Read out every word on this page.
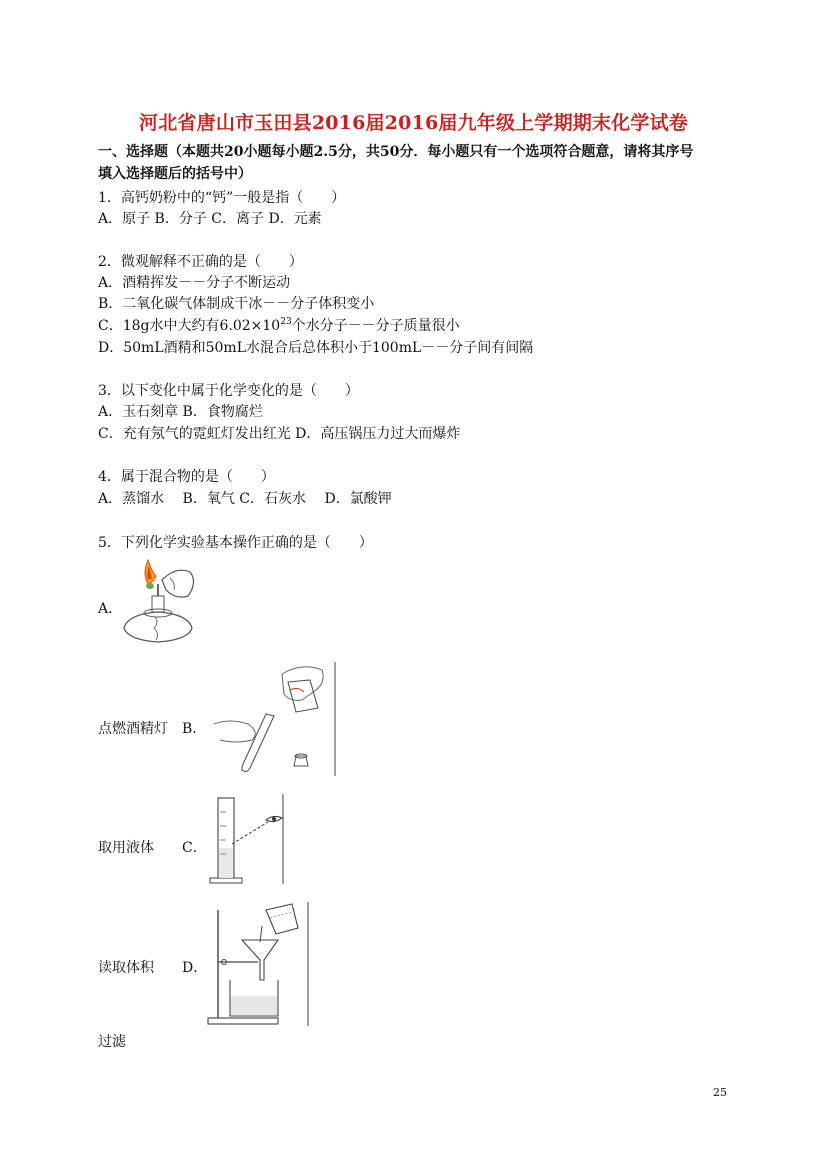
河北省唐山市玉田县2016届2016届九年级上学期期末化学试卷
一、选择题（本题共20小题每小题2.5分，共50分．每小题只有一个选项符合题意，请将其序号
填入选择题后的括号中）
1．高钙奶粉中的“钙”一般是指（　　）
A．原子 B．分子 C．离子 D．元素
2．微观解释不正确的是（　　）
A．酒精挥发－－分子不断运动
B．二氧化碳气体制成干冰－－分子体积变小
C．18g水中大约有$6.02\times 10^{23}$个水分子－－分子质量很小
D．50mL酒精和50mL水混合后总体积小于100mL－－分子间有间隔
3．以下变化中属于化学变化的是（　　）
A．玉石刻章 B．食物腐烂
C．充有氖气的霓虹灯发出红光 D．高压锅压力过大而爆炸
4．属于混合物的是（　　）
A．蒸馏水　 B．氧气 C．石灰水　 D．氯酸钾
5．下列化学实验基本操作正确的是（　　）
A．
点燃酒精灯　 B．
取用液体　　 C．
读取体积　　 D．
过滤
25
